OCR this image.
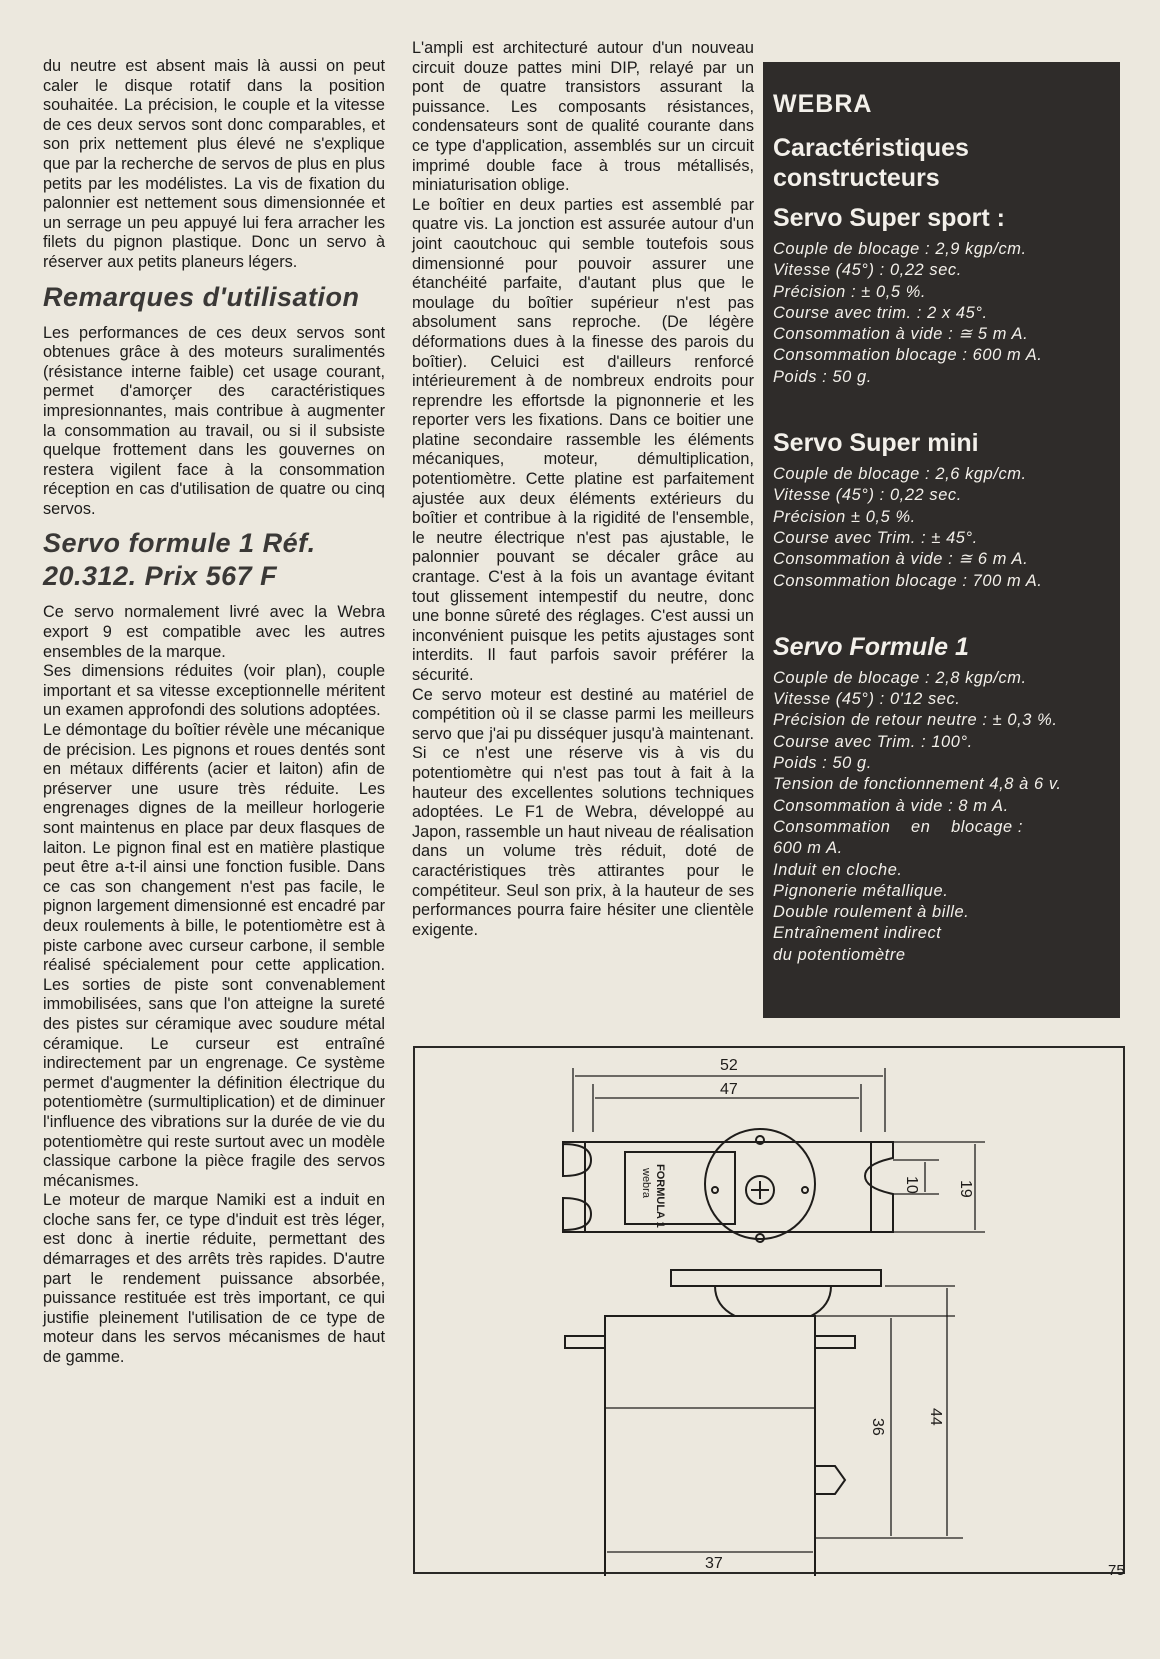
du neutre est absent mais là aussi on peut caler le disque rotatif dans la position souhaitée. La précision, le couple et la vitesse de ces deux servos sont donc comparables, et son prix nettement plus élevé ne s'explique que par la recherche de servos de plus en plus petits par les modélistes. La vis de fixation du palonnier est nettement sous dimensionnée et un serrage un peu appuyé lui fera arracher les filets du pignon plastique. Donc un servo à réserver aux petits planeurs légers.

Remarques d'utilisation

Les performances de ces deux servos sont obtenues grâce à des moteurs suralimentés (résistance interne faible) cet usage courant, permet d'amorçer des caractéristiques impresionnantes, mais contribue à augmenter la consommation au travail, ou si il subsiste quelque frottement dans les gouvernes on restera vigilent face à la consommation réception en cas d'utilisation de quatre ou cinq servos.

Servo formule 1 Réf. 20.312. Prix 567 F

Ce servo normalement livré avec la Webra export 9 est compatible avec les autres ensembles de la marque.

Ses dimensions réduites (voir plan), couple important et sa vitesse exceptionnelle méritent un examen approfondi des solutions adoptées.

Le démontage du boîtier révèle une mécanique de précision. Les pignons et roues dentés sont en métaux différents (acier et laiton) afin de préserver une usure très réduite. Les engrenages dignes de la meilleur horlogerie sont maintenus en place par deux flasques de laiton. Le pignon final est en matière plastique peut être a-t-il ainsi une fonction fusible. Dans ce cas son changement n'est pas facile, le pignon largement dimensionné est encadré par deux roulements à bille, le potentiomètre est à piste carbone avec curseur carbone, il semble réalisé spécialement pour cette application. Les sorties de piste sont convenablement immobilisées, sans que l'on atteigne la sureté des pistes sur céramique avec soudure métal céramique. Le curseur est entraîné indirectement par un engrenage. Ce système permet d'augmenter la définition électrique du potentiomètre (surmultiplication) et de diminuer l'influence des vibrations sur la durée de vie du potentiomètre qui reste surtout avec un modèle classique carbone la pièce fragile des servos mécanismes.

Le moteur de marque Namiki est a induit en cloche sans fer, ce type d'induit est très léger, est donc à inertie réduite, permettant des démarrages et des arrêts très rapides. D'autre part le rendement puissance absorbée, puissance restituée est très important, ce qui justifie pleinement l'utilisation de ce type de moteur dans les servos mécanismes de haut de gamme.

L'ampli est architecturé autour d'un nouveau circuit douze pattes mini DIP, relayé par un pont de quatre transistors assurant la puissance. Les composants résistances, condensateurs sont de qualité courante dans ce type d'application, assemblés sur un circuit imprimé double face à trous métallisés, miniaturisation oblige.

Le boîtier en deux parties est assemblé par quatre vis. La jonction est assurée autour d'un joint caoutchouc qui semble toutefois sous dimensionné pour pouvoir assurer une étanchéité parfaite, d'autant plus que le moulage du boîtier supérieur n'est pas absolument sans reproche. (De légère déformations dues à la finesse des parois du boîtier). Celuici est d'ailleurs renforcé intérieurement à de nombreux endroits pour reprendre les effortsde la pignonnerie et les reporter vers les fixations. Dans ce boitier une platine secondaire rassemble les éléments mécaniques, moteur, démultiplication, potentiomètre. Cette platine est parfaitement ajustée aux deux éléments extérieurs du boîtier et contribue à la rigidité de l'ensemble, le neutre électrique n'est pas ajustable, le palonnier pouvant se décaler grâce au crantage. C'est à la fois un avantage évitant tout glissement intempestif du neutre, donc une bonne sûreté des réglages. C'est aussi un inconvénient puisque les petits ajustages sont interdits. Il faut parfois savoir préférer la sécurité.

Ce servo moteur est destiné au matériel de compétition où il se classe parmi les meilleurs servo que j'ai pu disséquer jusqu'à maintenant. Si ce n'est une réserve vis à vis du potentiomètre qui n'est pas tout à fait à la hauteur des excellentes solutions techniques adoptées. Le F1 de Webra, développé au Japon, rassemble un haut niveau de réalisation dans un volume très réduit, doté de caractéristiques très attirantes pour le compétiteur. Seul son prix, à la hauteur de ses performances pourra faire hésiter une clientèle exigente.

WEBRA
Caractéristiques constructeurs
Servo Super sport :
Couple de blocage : 2,9 kgp/cm.
Vitesse (45°) : 0,22 sec.
Précision : ± 0,5 %.
Course avec trim. : 2 x 45°.
Consommation à vide : ≅ 5 m A.
Consommation blocage : 600 m A.
Poids : 50 g.
Servo Super mini
Couple de blocage : 2,6 kgp/cm.
Vitesse (45°) : 0,22 sec.
Précision ± 0,5 %.
Course avec Trim. : ± 45°.
Consommation à vide : ≅ 6 m A.
Consommation blocage : 700 m A.
Servo Formule 1
Couple de blocage : 2,8 kgp/cm.
Vitesse (45°) : 0'12 sec.
Précision de retour neutre : ± 0,3 %.
Course avec Trim. : 100°.
Poids : 50 g.
Tension de fonctionnement 4,8 à 6 v.
Consommation à vide : 8 m A.
Consommation    en    blocage :
600 m A.
Induit en cloche.
Pignonerie métallique.
Double roulement à bille.
Entraînement indirect
du potentiomètre
52
47
10 19
36
44
37
webra FORMULA 1
75
